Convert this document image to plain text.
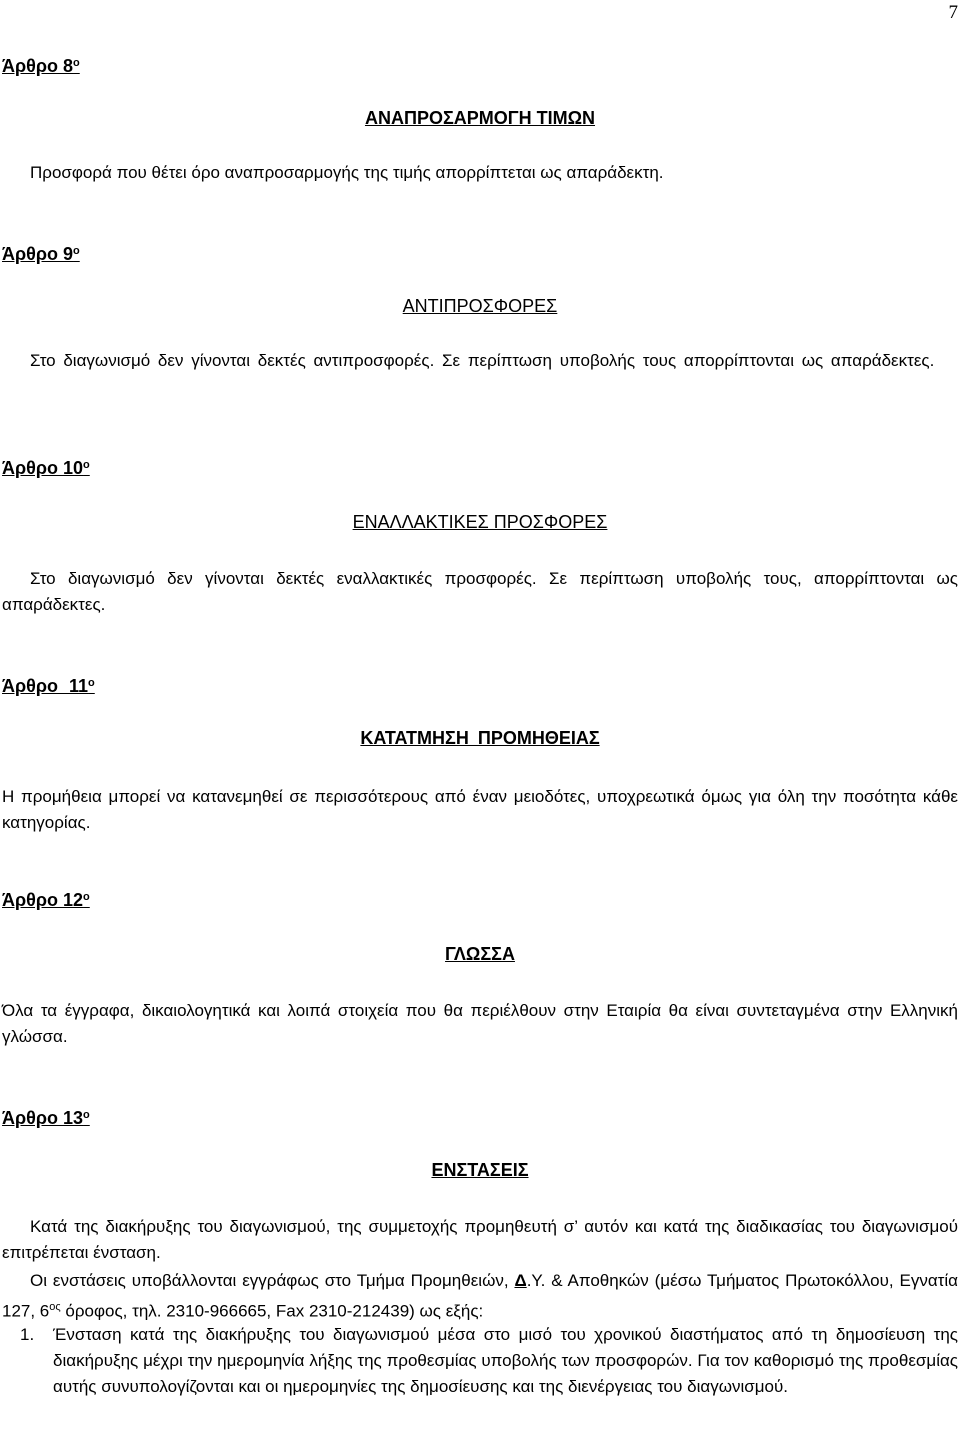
7
Άρθρο $8^o$
ΑΝΑΠΡΟΣΑΡΜΟΓΗ ΤΙΜΩΝ
Προσφορά που θέτει όρο αναπροσαρμογής της τιμής απορρίπτεται ως απαράδεκτη.
Άρθρο $9^o$
ΑΝΤΙΠΡΟΣΦΟΡΕΣ
Στο διαγωνισμό δεν γίνονται δεκτές αντιπροσφορές. Σε περίπτωση υποβολής τους απορρίπτονται ως απαράδεκτες.
Άρθρο $10^o$
ΕΝΑΛΛΑΚΤΙΚΕΣ ΠΡΟΣΦΟΡΕΣ
Στο διαγωνισμό δεν γίνονται δεκτές εναλλακτικές προσφορές. Σε περίπτωση υποβολής τους, απορρίπτονται ως απαράδεκτες.
Άρθρο $11^o$
ΚΑΤΑΤΜΗΣΗ ΠΡΟΜΗΘΕΙΑΣ
Η προμήθεια μπορεί να κατανεμηθεί σε περισσότερους από έναν μειοδότες, υποχρεωτικά όμως για όλη την ποσότητα κάθε κατηγορίας.
Άρθρο $12^o$
ΓΛΩΣΣΑ
Όλα τα έγγραφα, δικαιολογητικά και λοιπά στοιχεία που θα περιέλθουν στην Εταιρία θα είναι συντεταγμένα στην Ελληνική γλώσσα.
Άρθρο $13^o$
ΕΝΣΤΑΣΕΙΣ
Κατά της διακήρυξης του διαγωνισμού, της συμμετοχής προμηθευτή σ’ αυτόν και κατά της διαδικασίας του διαγωνισμού επιτρέπεται ένσταση.
Οι ενστάσεις υποβάλλονται εγγράφως στο Τμήμα Προμηθειών, Δ.Υ. & Αποθηκών (μέσω Τμήματος Πρωτοκόλλου, Εγνατία 127, $6^{o\varsigma}$ όροφος, τηλ. 2310-966665, Fax 2310-212439) ως εξής:
1. Ένσταση κατά της διακήρυξης του διαγωνισμού μέσα στο μισό του χρονικού διαστήματος από τη δημοσίευση της διακήρυξης μέχρι την ημερομηνία λήξης της προθεσμίας υποβολής των προσφορών. Για τον καθορισμό της προθεσμίας αυτής συνυπολογίζονται και οι ημερομηνίες της δημοσίευσης και της διενέργειας του διαγωνισμού.
